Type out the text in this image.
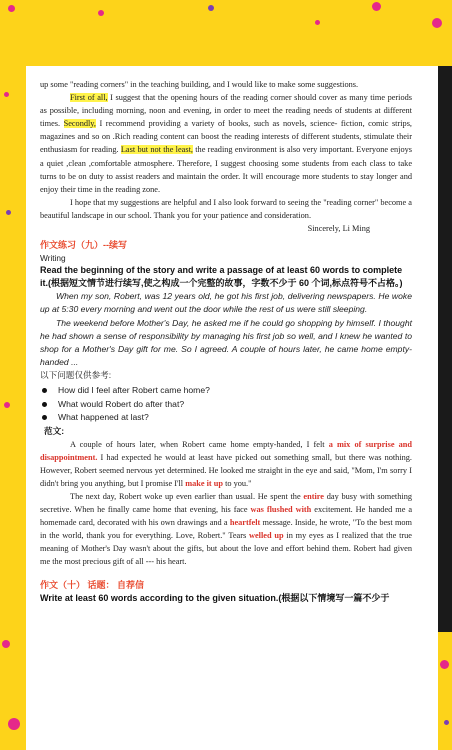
up some "reading corners" in the teaching building, and I would like to make some suggestions.

First of all, I suggest that the opening hours of the reading corner should cover as many time periods as possible, including morning, noon and evening, in order to meet the reading needs of students at different times. Secondly, I recommend providing a variety of books, such as novels, science- fiction, comic strips, magazines and so on .Rich reading content can boost the reading interests of different students, stimulate their enthusiasm for reading. Last but not the least, the reading environment is also very important. Everyone enjoys a quiet ,clean ,comfortable atmosphere. Therefore, I suggest choosing some students from each class to take turns to be on duty to assist readers and maintain the order. It will encourage more students to stay longer and enjoy their time in the reading zone.

I hope that my suggestions are helpful and I also look forward to seeing the "reading corner" become a beautiful landscape in our school. Thank you for your patience and consideration.

Sincerely, Li Ming

作文练习（九）--续写

Writing

Read the beginning of the story and write a passage of at least 60 words to complete it.(根据短文情节进行续写,使之构成一个完整的故事，字数不少于 60 个词,标点符号不占格。)

When my son, Robert, was 12 years old, he got his first job, delivering newspapers. He woke up at 5:30 every morning and went out the door while the rest of us were still sleeping.

The weekend before Mother's Day, he asked me if he could go shopping by himself. I thought he had shown a sense of responsibility by managing his first job so well, and I knew he wanted to shop for a Mother's Day gift for me. So I agreed. A couple of hours later, he came home empty-handed ...

以下问题仅供参考:

How did I feel after Robert came home?
What would Robert do after that?
What happened at last?

范文:

A couple of hours later, when Robert came home empty-handed, I felt a mix of surprise and disappointment. I had expected he would at least have picked out something small, but there was nothing. However, Robert seemed nervous yet determined. He looked me straight in the eye and said, "Mom, I'm sorry I didn't bring you anything, but I promise I'll make it up to you."

The next day, Robert woke up even earlier than usual. He spent the entire day busy with something secretive. When he finally came home that evening, his face was flushed with excitement. He handed me a homemade card, decorated with his own drawings and a heartfelt message. Inside, he wrote, "To the best mom in the world, thank you for everything. Love, Robert." Tears welled up in my eyes as I realized that the true meaning of Mother's Day wasn't about the gifts, but about the love and effort behind them. Robert had given me the most precious gift of all --- his heart.

作文（十） 话题： 自荐信

Write at least 60 words according to the given situation.(根据以下情境写一篇不少于
